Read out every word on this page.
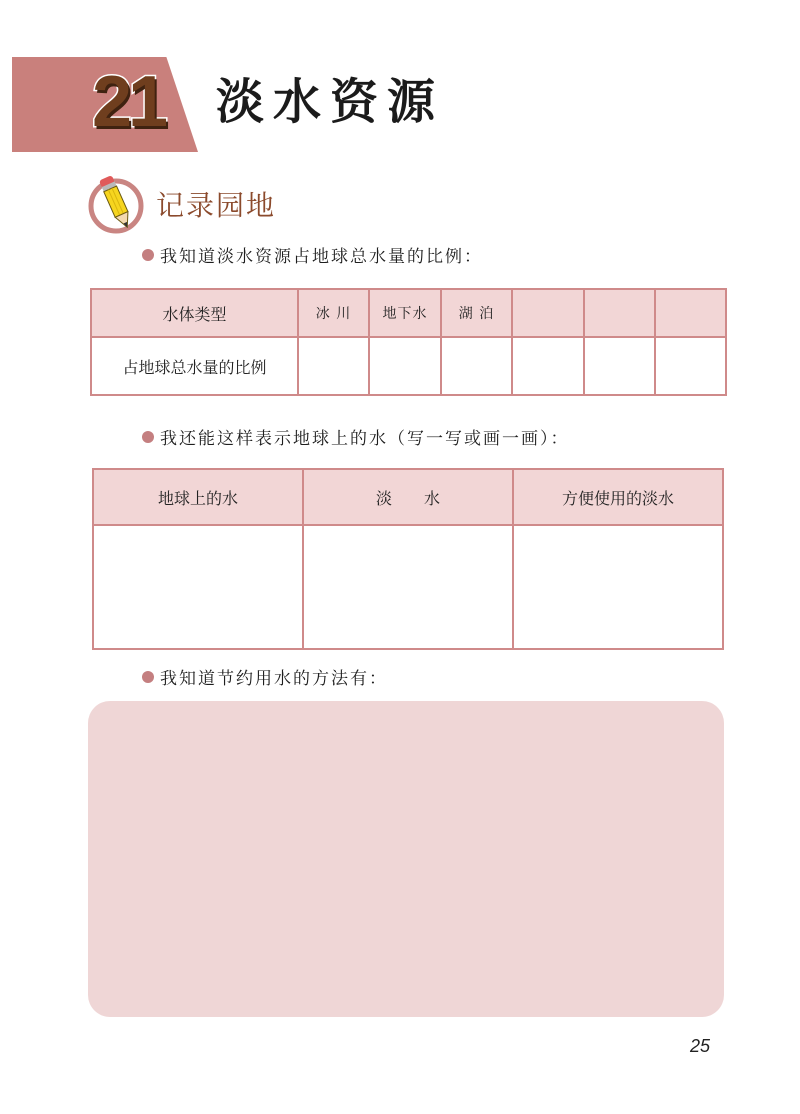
21 淡水资源
记录园地
我知道淡水资源占地球总水量的比例：
水体类型	冰 川	地下水	湖 泊			
占地球总水量的比例						
我还能这样表示地球上的水（写一写或画一画）：
地球上的水	淡　　水	方便使用的淡水

我知道节约用水的方法有：
25
